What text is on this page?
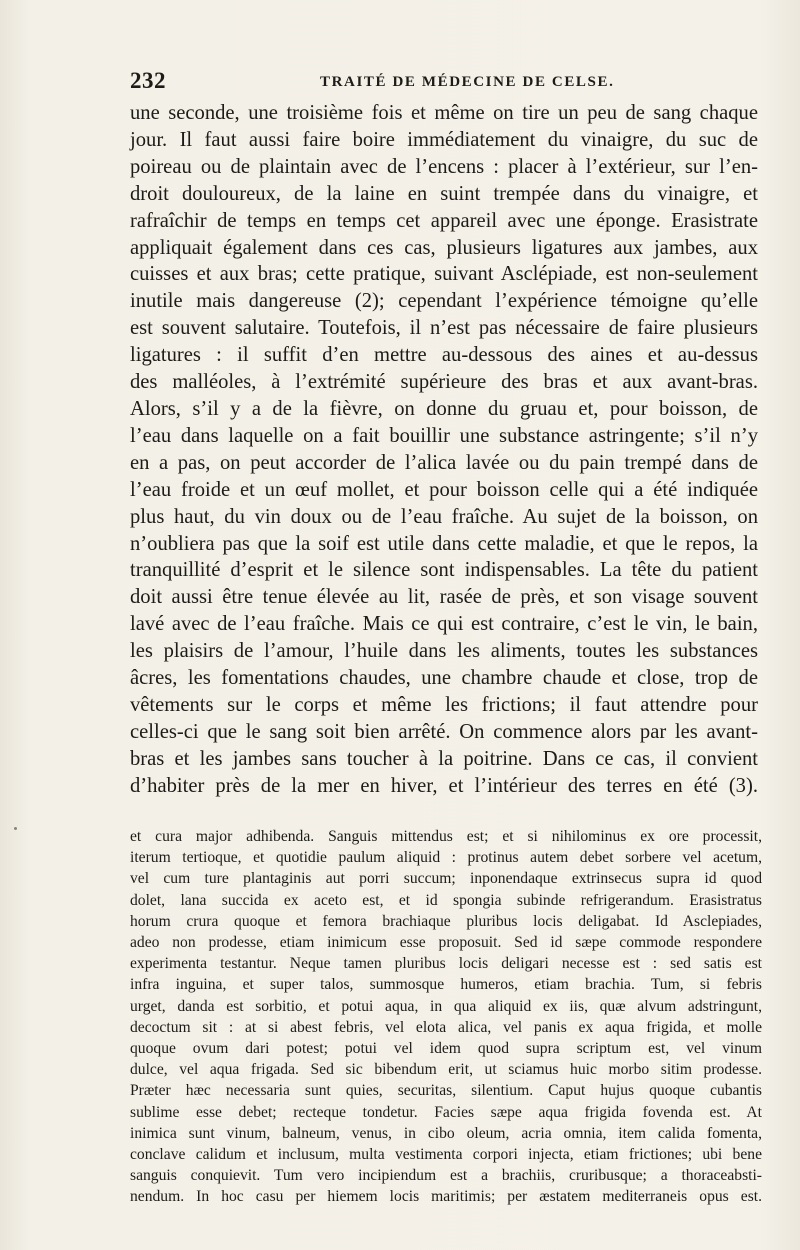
232	TRAITÉ DE MÉDECINE DE CELSE.
une seconde, une troisième fois et même on tire un peu de sang chaque
jour. Il faut aussi faire boire immédiatement du vinaigre, du suc de
poireau ou de plaintain avec de l’encens : placer à l’extérieur, sur l’en-
droit douloureux, de la laine en suint trempée dans du vinaigre, et
rafraîchir de temps en temps cet appareil avec une éponge. Erasistrate
appliquait également dans ces cas, plusieurs ligatures aux jambes, aux
cuisses et aux bras; cette pratique, suivant Asclépiade, est non-seulement
inutile mais dangereuse (2); cependant l’expérience témoigne qu’elle
est souvent salutaire. Toutefois, il n’est pas nécessaire de faire plusieurs
ligatures : il suffit d’en mettre au-dessous des aines et au-dessus
des malléoles, à l’extrémité supérieure des bras et aux avant-bras.
Alors, s’il y a de la fièvre, on donne du gruau et, pour boisson, de
l’eau dans laquelle on a fait bouillir une substance astringente; s’il n’y
en a pas, on peut accorder de l’alica lavée ou du pain trempé dans de
l’eau froide et un œuf mollet, et pour boisson celle qui a été indiquée
plus haut, du vin doux ou de l’eau fraîche. Au sujet de la boisson, on
n’oubliera pas que la soif est utile dans cette maladie, et que le repos, la
tranquillité d’esprit et le silence sont indispensables. La tête du patient
doit aussi être tenue élevée au lit, rasée de près, et son visage souvent
lavé avec de l’eau fraîche. Mais ce qui est contraire, c’est le vin, le bain,
les plaisirs de l’amour, l’huile dans les aliments, toutes les substances
âcres, les fomentations chaudes, une chambre chaude et close, trop de
vêtements sur le corps et même les frictions; il faut attendre pour
celles-ci que le sang soit bien arrêté. On commence alors par les avant-
bras et les jambes sans toucher à la poitrine. Dans ce cas, il convient
d’habiter près de la mer en hiver, et l’intérieur des terres en été (3).
et cura major adhibenda. Sanguis mittendus est; et si nihilominus ex ore processit,
iterum tertioque, et quotidie paulum aliquid : protinus autem debet sorbere vel acetum,
vel cum ture plantaginis aut porri succum; inponendaque extrinsecus supra id quod
dolet, lana succida ex aceto est, et id spongia subinde refrigerandum. Erasistratus
horum crura quoque et femora brachiaque pluribus locis deligabat. Id Asclepiades,
adeo non prodesse, etiam inimicum esse proposuit. Sed id sæpe commode respondere
experimenta testantur. Neque tamen pluribus locis deligari necesse est : sed satis est
infra inguina, et super talos, summosque humeros, etiam brachia. Tum, si febris
urget, danda est sorbitio, et potui aqua, in qua aliquid ex iis, quæ alvum adstringunt,
decoctum sit : at si abest febris, vel elota alica, vel panis ex aqua frigida, et molle
quoque ovum dari potest; potui vel idem quod supra scriptum est, vel vinum
dulce, vel aqua frigada. Sed sic bibendum erit, ut sciamus huic morbo sitim prodesse.
Præter hæc necessaria sunt quies, securitas, silentium. Caput hujus quoque cubantis
sublime esse debet; recteque tondetur. Facies sæpe aqua frigida fovenda est. At
inimica sunt vinum, balneum, venus, in cibo oleum, acria omnia, item calida fomenta,
conclave calidum et inclusum, multa vestimenta corpori injecta, etiam frictiones; ubi bene
sanguis conquievit. Tum vero incipiendum est a brachiis, cruribusque; a thoraceabsti-
nendum. In hoc casu per hiemem locis maritimis; per æstatem mediterraneis opus est.
